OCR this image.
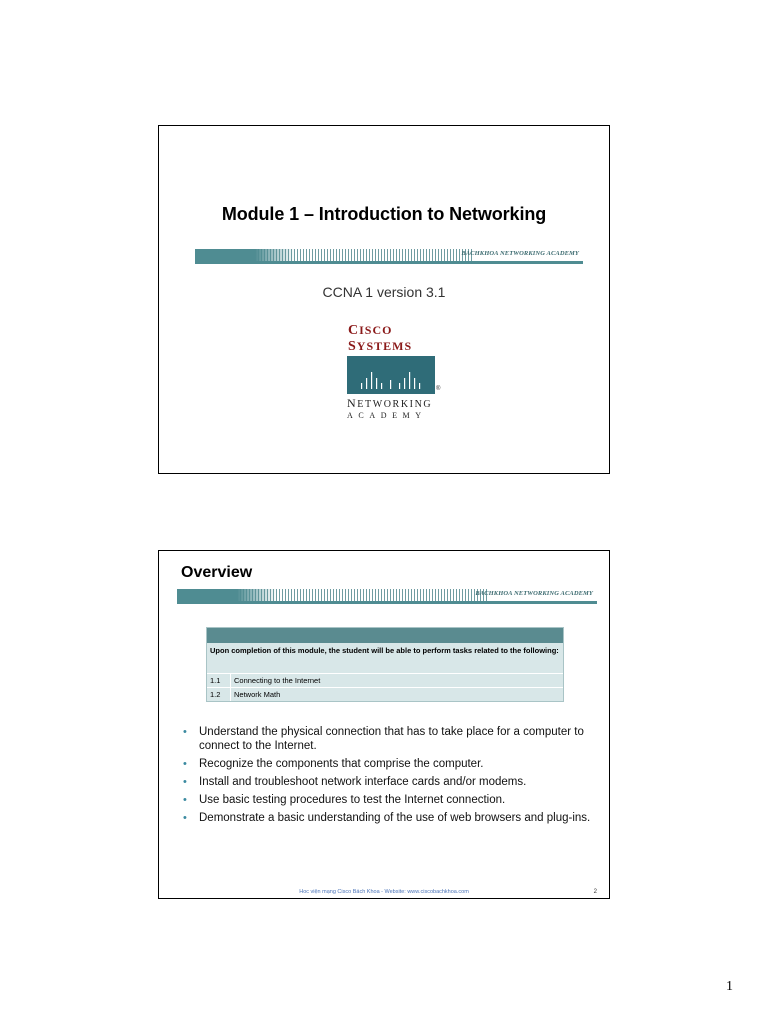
Module 1 – Introduction to Networking
BACHKHOA NETWORKING ACADEMY
CCNA 1 version 3.1
CISCO SYSTEMS
®
NETWORKING
ACADEMY
Overview
BACHKHOA NETWORKING ACADEMY
Upon completion of this module, the student will be able to perform tasks related to the following:
1.1	Connecting to the Internet
1.2	Network Math
• Understand the physical connection that has to take place for a computer to connect to the Internet.
• Recognize the components that comprise the computer.
• Install and troubleshoot network interface cards and/or modems.
• Use basic testing procedures to test the Internet connection.
• Demonstrate a basic understanding of the use of web browsers and plug-ins.
Hoc viện mạng Cisco Bách Khoa - Website: www.ciscobachkhoa.com	2
1
